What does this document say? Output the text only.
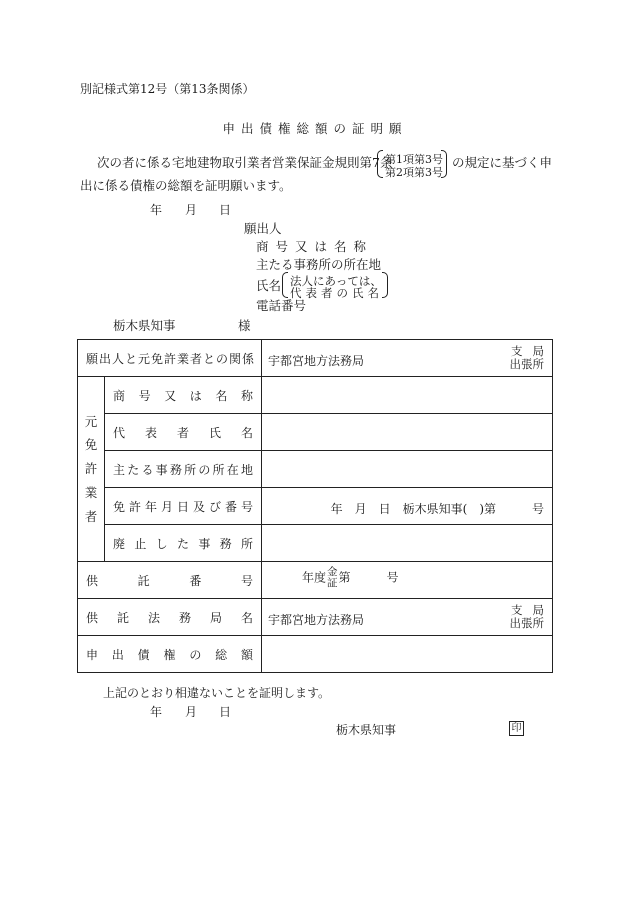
別記様式第12号（第13条関係）
申出債権総額の証明願
次の者に係る宅地建物取引業者営業保証金規則第7条
第1項第3号
第2項第3号
の規定に基づく申
出に係る債権の総額を証明願います。
年 月 日
願出人
商号又は名称
主たる事務所の所在地
氏名 法人にあっては、
代表者の氏名
電話番号
栃木県知事　　　　　様
願出人と元免許業者との関係		宇都宮地方法務局
支局
出張所

元
免
許
業
者	商号又は名称	
	代表者氏名	
	主たる事務所の所在地	
	免許年月日及び番号	年　月　日　栃木県知事(　)第　　　号

	廃止した事務所	
供託番号		年度金
証第　　　号

供託法務局名		宇都宮地方法務局
支局
出張所

申出債権の総額		
上記のとおり相違ないことを証明します。
年 月 日
栃木県知事	印
